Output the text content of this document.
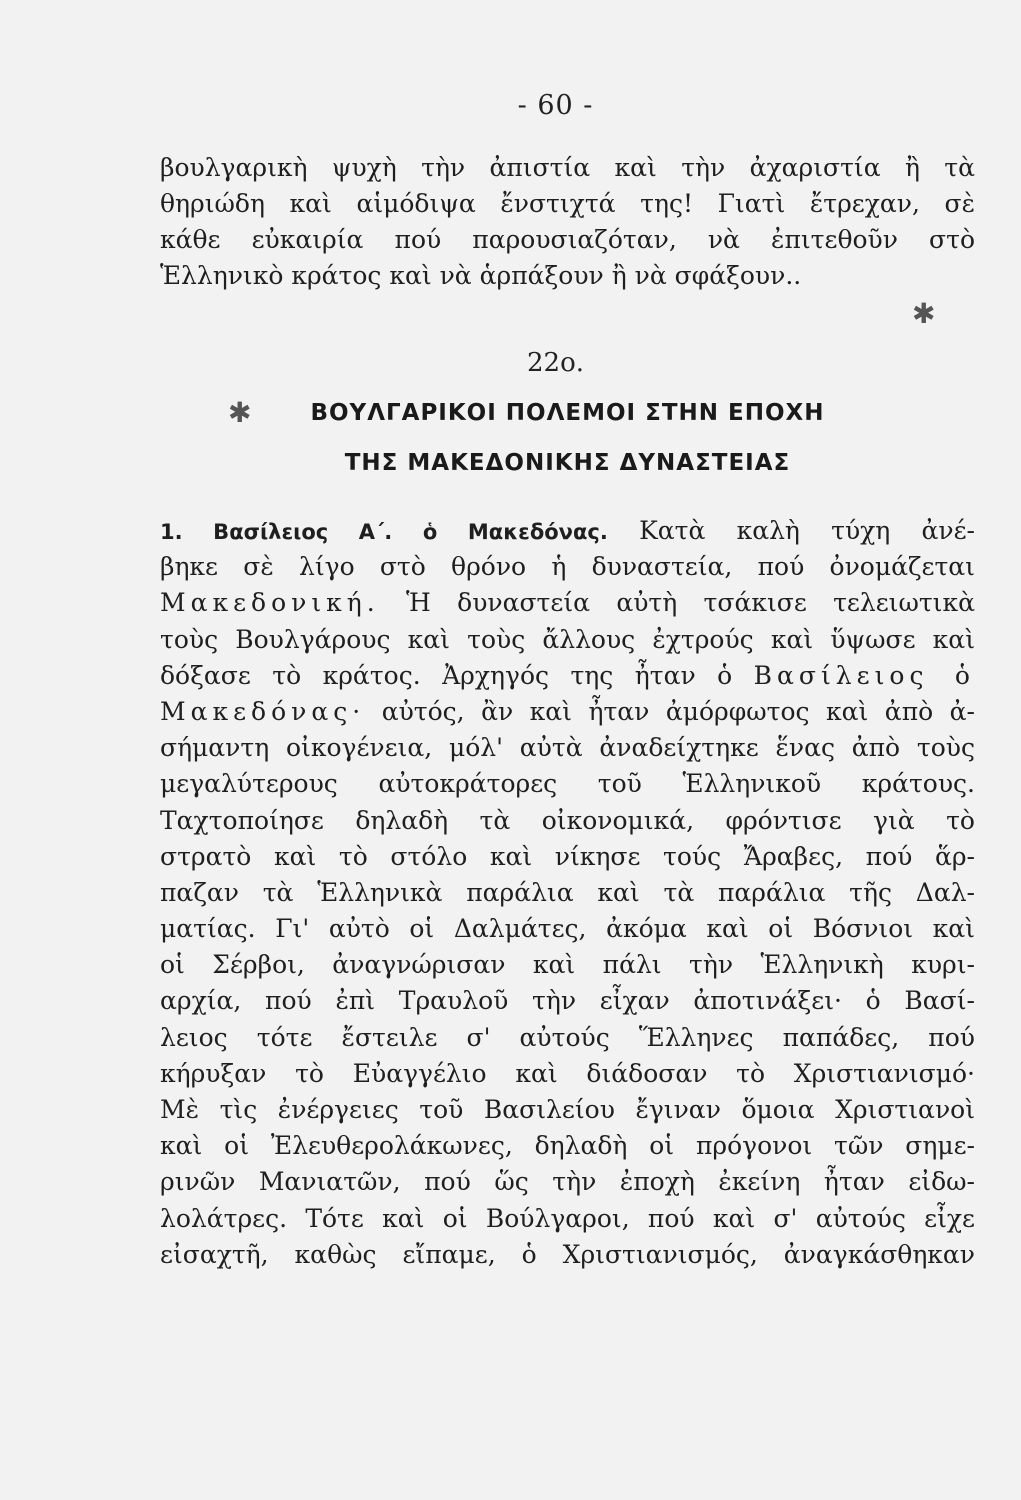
- 60 -
βουλγαρικὴ ψυχὴ τὴν ἀπιστία καὶ τὴν ἀχαριστία ἢ τὰ
θηριώδη καὶ αἱμόδιψα ἔνστιχτά της! Γιατὶ ἔτρεχαν, σὲ
κάθε εὐκαιρία πού παρουσιαζόταν, νὰ ἐπιτεθοῦν στὸ
Ἑλληνικὸ κράτος καὶ νὰ ἁρπάξουν ἢ νὰ σφάξουν..
✱
22ο.
✱	ΒΟΥΛΓΑΡΙΚΟΙ ΠΟΛΕΜΟΙ ΣΤΗΝ ΕΠΟΧΗ
ΤΗΣ ΜΑΚΕΔΟΝΙΚΗΣ ΔΥΝΑΣΤΕΙΑΣ
1. Βασίλειος Α΄. ὁ Μακεδόνας. Κατὰ καλὴ τύχη ἀνέ-
βηκε σὲ λίγο στὸ θρόνο ἡ δυναστεία, πού ὀνομάζεται
Μακεδονική. Ἡ δυναστεία αὐτὴ τσάκισε τελειωτικὰ
τοὺς Βουλγάρους καὶ τοὺς ἄλλους ἐχτρούς καὶ ὕψωσε καὶ
δόξασε τὸ κράτος. Ἀρχηγός της ἦταν ὁ Βασίλειος ὁ
Μακεδόνας· αὐτός, ἂν καὶ ἦταν ἀμόρφωτος καὶ ἀπὸ ἀ-
σήμαντη οἰκογένεια, μόλ' αὐτὰ ἀναδείχτηκε ἕνας ἀπὸ τοὺς
μεγαλύτερους αὐτοκράτορες τοῦ Ἑλληνικοῦ κράτους.
Ταχτοποίησε δηλαδὴ τὰ οἰκονομικά, φρόντισε γιὰ τὸ
στρατὸ καὶ τὸ στόλο καὶ νίκησε τούς Ἄραβες, πού ἅρ-
παζαν τὰ Ἑλληνικὰ παράλια καὶ τὰ παράλια τῆς Δαλ-
ματίας. Γι' αὐτὸ οἱ Δαλμάτες, ἀκόμα καὶ οἱ Βόσνιοι καὶ
οἱ Σέρβοι, ἀναγνώρισαν καὶ πάλι τὴν Ἑλληνικὴ κυρι-
αρχία, πού ἐπὶ Τραυλοῦ τὴν εἶχαν ἀποτινάξει· ὁ Βασί-
λειος τότε ἔστειλε σ' αὐτούς Ἕλληνες παπάδες, πού
κήρυξαν τὸ Εὐαγγέλιο καὶ διάδοσαν τὸ Χριστιανισμό·
Μὲ τὶς ἐνέργειες τοῦ Βασιλείου ἔγιναν ὅμοια Χριστιανοὶ
καὶ οἱ Ἐλευθερολάκωνες, δηλαδὴ οἱ πρόγονοι τῶν σημε-
ρινῶν Μανιατῶν, πού ὥς τὴν ἐποχὴ ἐκείνη ἦταν εἰδω-
λολάτρες. Τότε καὶ οἱ Βούλγαροι, πού καὶ σ' αὐτούς εἶχε
εἰσαχτῆ, καθὼς εἴπαμε, ὁ Χριστιανισμός, ἀναγκάσθηκαν
